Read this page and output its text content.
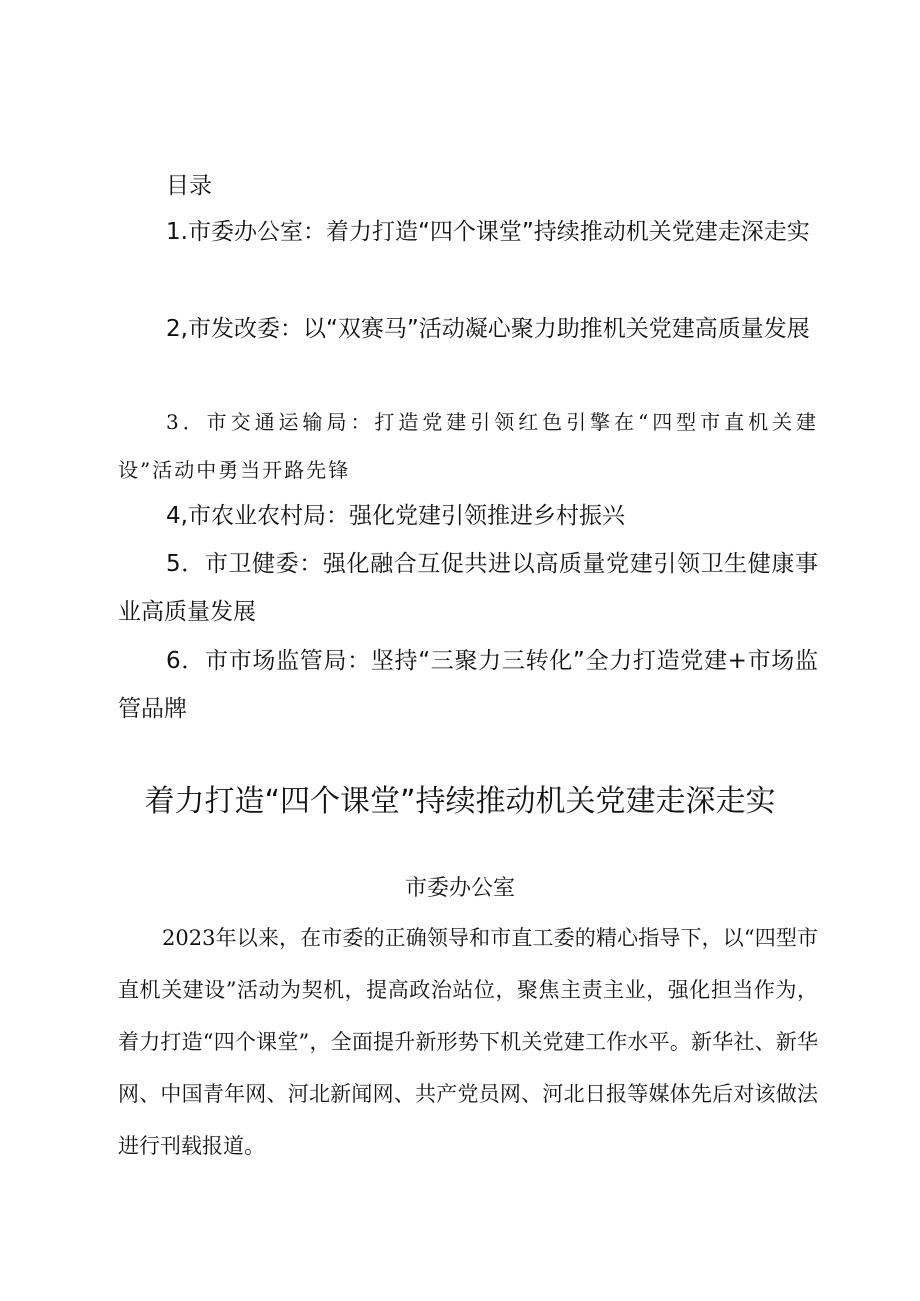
目录
1.市委办公室：着力打造“四个课堂”持续推动机关党建走深走实
2,市发改委：以“双赛马”活动凝心聚力助推机关党建高质量发展
3．市交通运输局：打造党建引领红色引擎在“四型市直机关建设”活动中勇当开路先锋
4,市农业农村局：强化党建引领推进乡村振兴
5．市卫健委：强化融合互促共进以高质量党建引领卫生健康事业高质量发展
6．市市场监管局：坚持“三聚力三转化”全力打造党建+市场监管品牌
着力打造“四个课堂”持续推动机关党建走深走实
市委办公室
2023年以来，在市委的正确领导和市直工委的精心指导下，以“四型市直机关建设”活动为契机，提高政治站位，聚焦主责主业，强化担当作为，着力打造“四个课堂”，全面提升新形势下机关党建工作水平。新华社、新华网、中国青年网、河北新闻网、共产党员网、河北日报等媒体先后对该做法进行刊载报道。
